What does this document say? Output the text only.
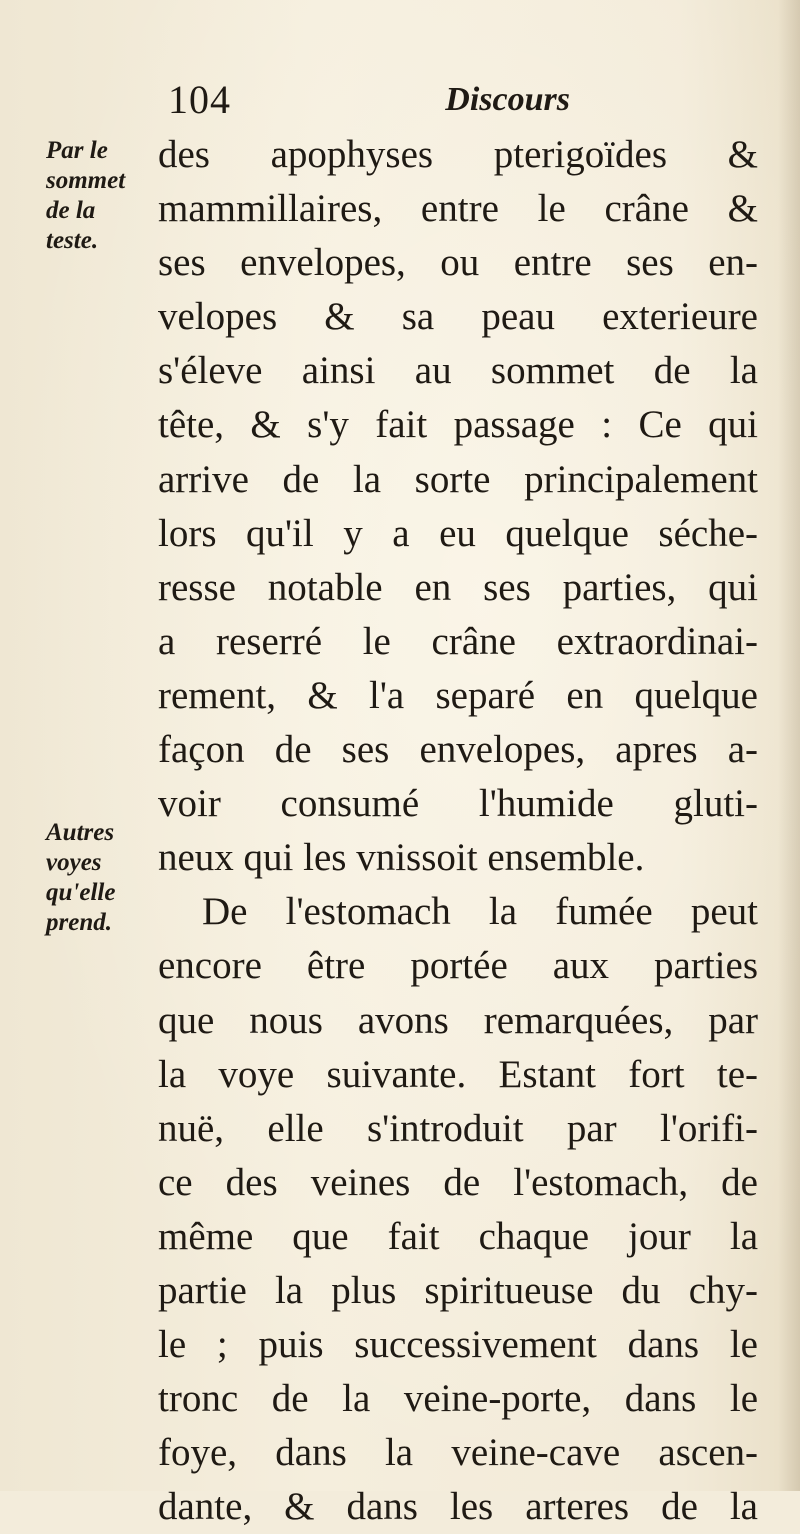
104	Discours
Par le
sommet
de la
teste.
Autres
voyes
qu'elle
prend.
des apophyses pterigoïdes &
mammillaires, entre le crâne &
ses envelopes, ou entre ses en-
velopes & sa peau exterieure
s'éleve ainsi au sommet de la
tête, & s'y fait passage : Ce qui
arrive de la sorte principalement
lors qu'il y a eu quelque séche-
resse notable en ses parties, qui
a reserré le crâne extraordinai-
rement, & l'a separé en quelque
façon de ses envelopes, apres a-
voir consumé l'humide gluti-
neux qui les vnissoit ensemble.
De l'estomach la fumée peut
encore être portée aux parties
que nous avons remarquées, par
la voye suivante. Estant fort te-
nuë, elle s'introduit par l'orifi-
ce des veines de l'estomach, de
même que fait chaque jour la
partie la plus spiritueuse du chy-
le ; puis successivement dans le
tronc de la veine-porte, dans le
foye, dans la veine-cave ascen-
dante, & dans les arteres de la
